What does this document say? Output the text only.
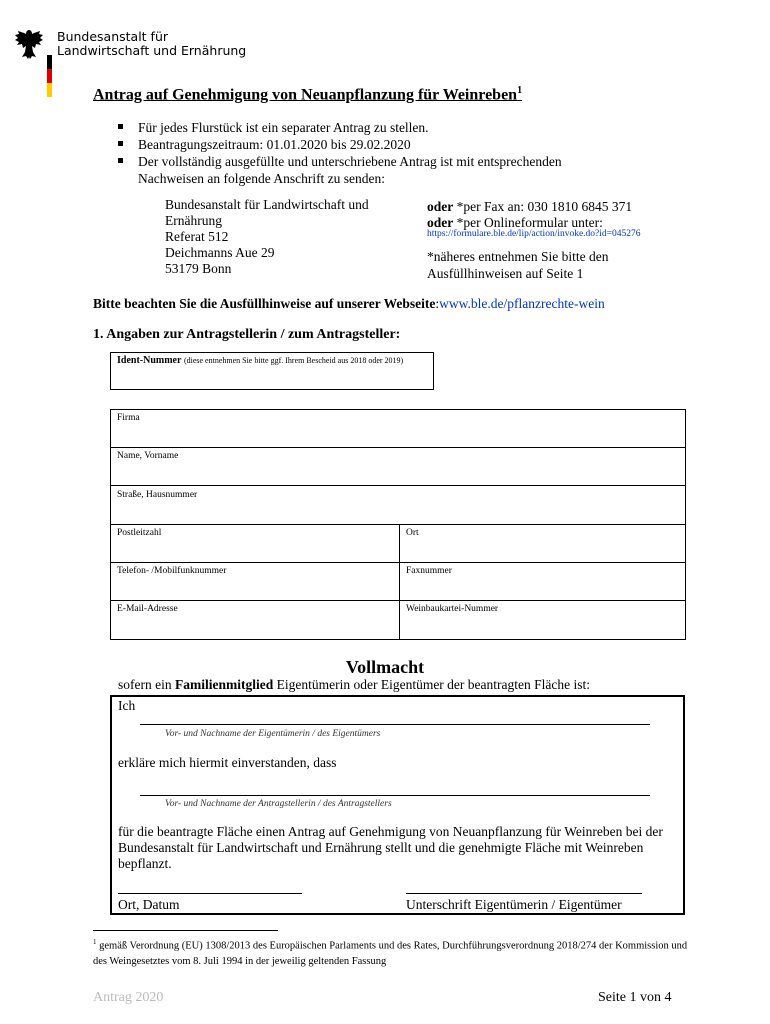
Bundesanstalt für
Landwirtschaft und Ernährung
Antrag auf Genehmigung von Neuanpflanzung für Weinreben$^1$
Für jedes Flurstück ist ein separater Antrag zu stellen.
Beantragungszeitraum: 01.01.2020 bis 29.02.2020
Der vollständig ausgefüllte und unterschriebene Antrag ist mit entsprechenden
Nachweisen an folgende Anschrift zu senden:
Bundesanstalt für Landwirtschaft und
Ernährung
Referat 512
Deichmanns Aue 29
53179 Bonn
oder *per Fax an: 030 1810 6845 371
oder *per Onlineformular unter:
https://formulare.ble.de/lip/action/invoke.do?id=045276
*näheres entnehmen Sie bitte den
Ausfüllhinweisen auf Seite 1
Bitte beachten Sie die Ausfüllhinweise auf unserer Webseite:www.ble.de/pflanzrechte-wein
1. Angaben zur Antragstellerin / zum Antragsteller:
Ident-Nummer (diese entnehmen Sie bitte ggf. Ihrem Bescheid aus 2018 oder 2019)
Firma
Name, Vorname
Straße, Hausnummer
Postleitzahl	Ort
Telefon- /Mobilfunknummer	Faxnummer
E-Mail-Adresse	Weinbaukartei-Nummer
Vollmacht
sofern ein Familienmitglied Eigentümerin oder Eigentümer der beantragten Fläche ist:
Ich
Vor- und Nachname der Eigentümerin / des Eigentümers
erkläre mich hiermit einverstanden, dass
Vor- und Nachname der Antragstellerin / des Antragstellers
für die beantragte Fläche einen Antrag auf Genehmigung von Neuanpflanzung für Weinreben bei der Bundesanstalt für Landwirtschaft und Ernährung stellt und die genehmigte Fläche mit Weinreben bepflanzt.
Ort, Datum	Unterschrift Eigentümerin / Eigentümer
$^1$ gemäß Verordnung (EU) 1308/2013 des Europäischen Parlaments und des Rates, Durchführungsverordnung 2018/274 der Kommission und des Weingesetztes vom 8. Juli 1994 in der jeweilig geltenden Fassung
Antrag 2020	Seite 1 von 4
